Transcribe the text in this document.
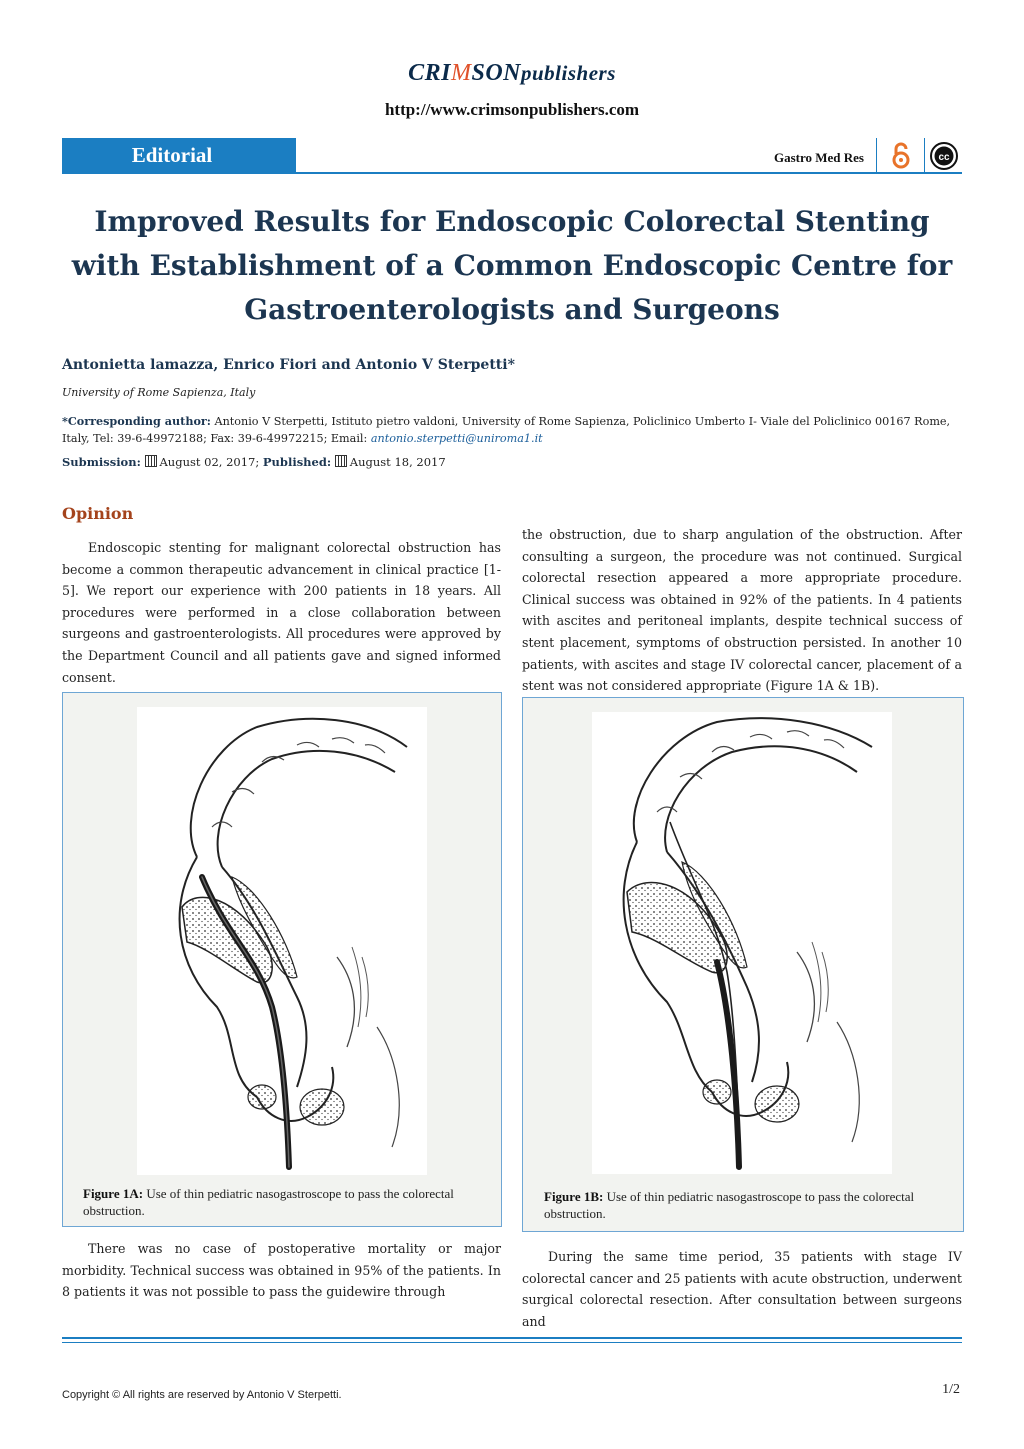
CRIMSONpublishers
http://www.crimsonpublishers.com
Editorial	Gastro Med Res	cc
Improved Results for Endoscopic Colorectal Stenting with Establishment of a Common Endoscopic Centre for Gastroenterologists and Surgeons
Antonietta lamazza, Enrico Fiori and Antonio V Sterpetti*
University of Rome Sapienza, Italy
*Corresponding author: Antonio V Sterpetti, Istituto pietro valdoni, University of Rome Sapienza, Policlinico Umberto I- Viale del Policlinico 00167 Rome, Italy, Tel: 39-6-49972188; Fax: 39-6-49972215; Email: antonio.sterpetti@uniroma1.it
Submission: August 02, 2017; Published: August 18, 2017
Opinion
Endoscopic stenting for malignant colorectal obstruction has become a common therapeutic advancement in clinical practice [1-5]. We report our experience with 200 patients in 18 years. All procedures were performed in a close collaboration between surgeons and gastroenterologists. All procedures were approved by the Department Council and all patients gave and signed informed consent.
the obstruction, due to sharp angulation of the obstruction. After consulting a surgeon, the procedure was not continued. Surgical colorectal resection appeared a more appropriate procedure. Clinical success was obtained in 92% of the patients. In 4 patients with ascites and peritoneal implants, despite technical success of stent placement, symptoms of obstruction persisted. In another 10 patients, with ascites and stage IV colorectal cancer, placement of a stent was not considered appropriate (Figure 1A & 1B).
Figure 1A: Use of thin pediatric nasogastroscope to pass the colorectal obstruction.
Figure 1B: Use of thin pediatric nasogastroscope to pass the colorectal obstruction.
There was no case of postoperative mortality or major morbidity. Technical success was obtained in 95% of the patients. In 8 patients it was not possible to pass the guidewire through
During the same time period, 35 patients with stage IV colorectal cancer and 25 patients with acute obstruction, underwent surgical colorectal resection. After consultation between surgeons and
Copyright © All rights are reserved by Antonio V Sterpetti.	1/2
